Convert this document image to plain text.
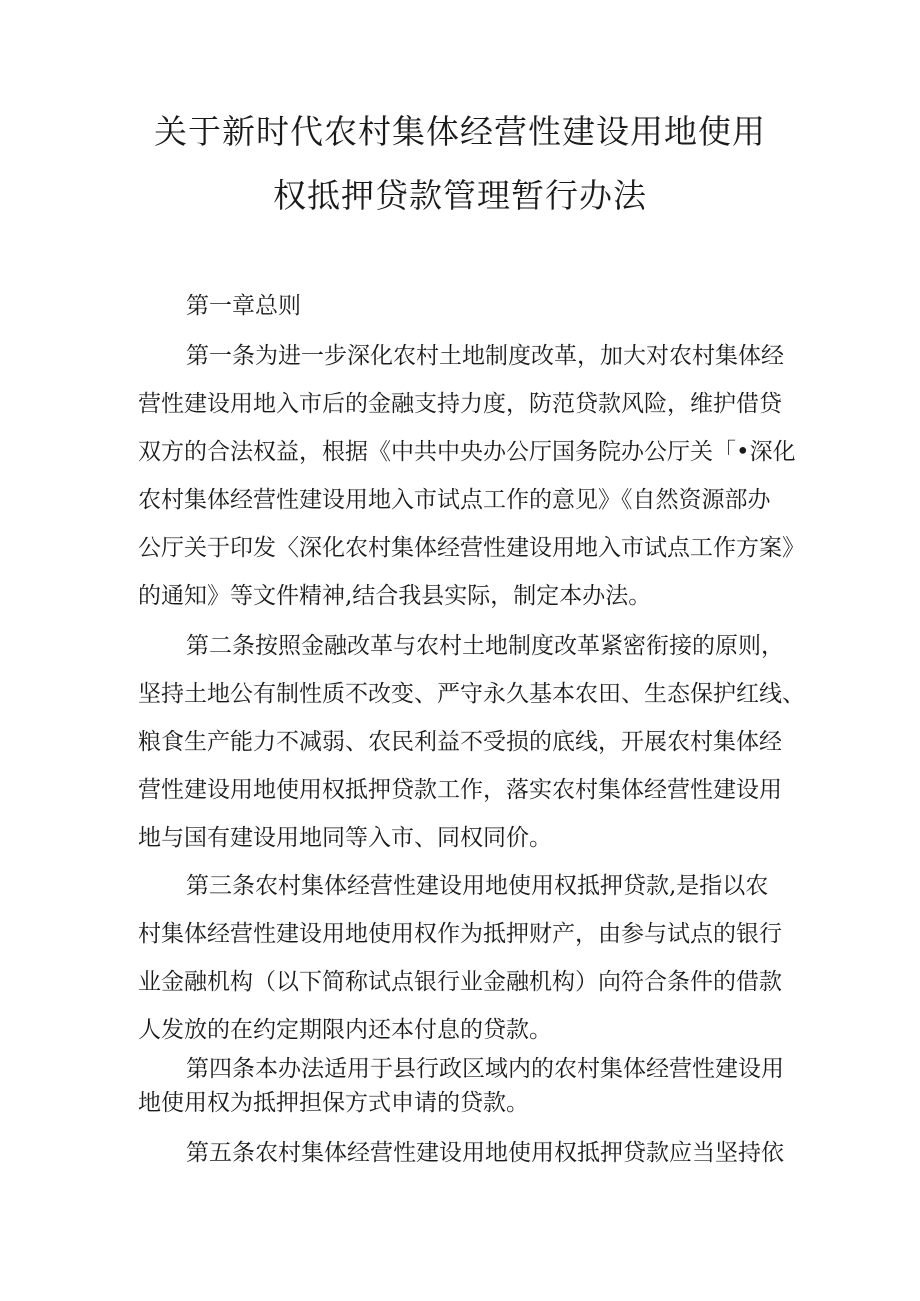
关于新时代农村集体经营性建设用地使用
权抵押贷款管理暂行办法
第一章总则
第一条为进一步深化农村土地制度改革，加大对农村集体经
营性建设用地入市后的金融支持力度，防范贷款风险，维护借贷
双方的合法权益，根据《中共中央办公厅国务院办公厅关「•深化
农村集体经营性建设用地入市试点工作的意见》《自然资源部办
公厅关于印发〈深化农村集体经营性建设用地入市试点工作方案》
的通知》等文件精神,结合我县实际，制定本办法。
第二条按照金融改革与农村土地制度改革紧密衔接的原则，
坚持土地公有制性质不改变、严守永久基本农田、生态保护红线、
粮食生产能力不减弱、农民利益不受损的底线，开展农村集体经
营性建设用地使用权抵押贷款工作，落实农村集体经营性建设用
地与国有建设用地同等入市、同权同价。
第三条农村集体经营性建设用地使用权抵押贷款,是指以农
村集体经营性建设用地使用权作为抵押财产，由参与试点的银行
业金融机构（以下简称试点银行业金融机构）向符合条件的借款
人发放的在约定期限内还本付息的贷款。
第四条本办法适用于县行政区域内的农村集体经营性建设用
地使用权为抵押担保方式申请的贷款。
第五条农村集体经营性建设用地使用权抵押贷款应当坚持依
